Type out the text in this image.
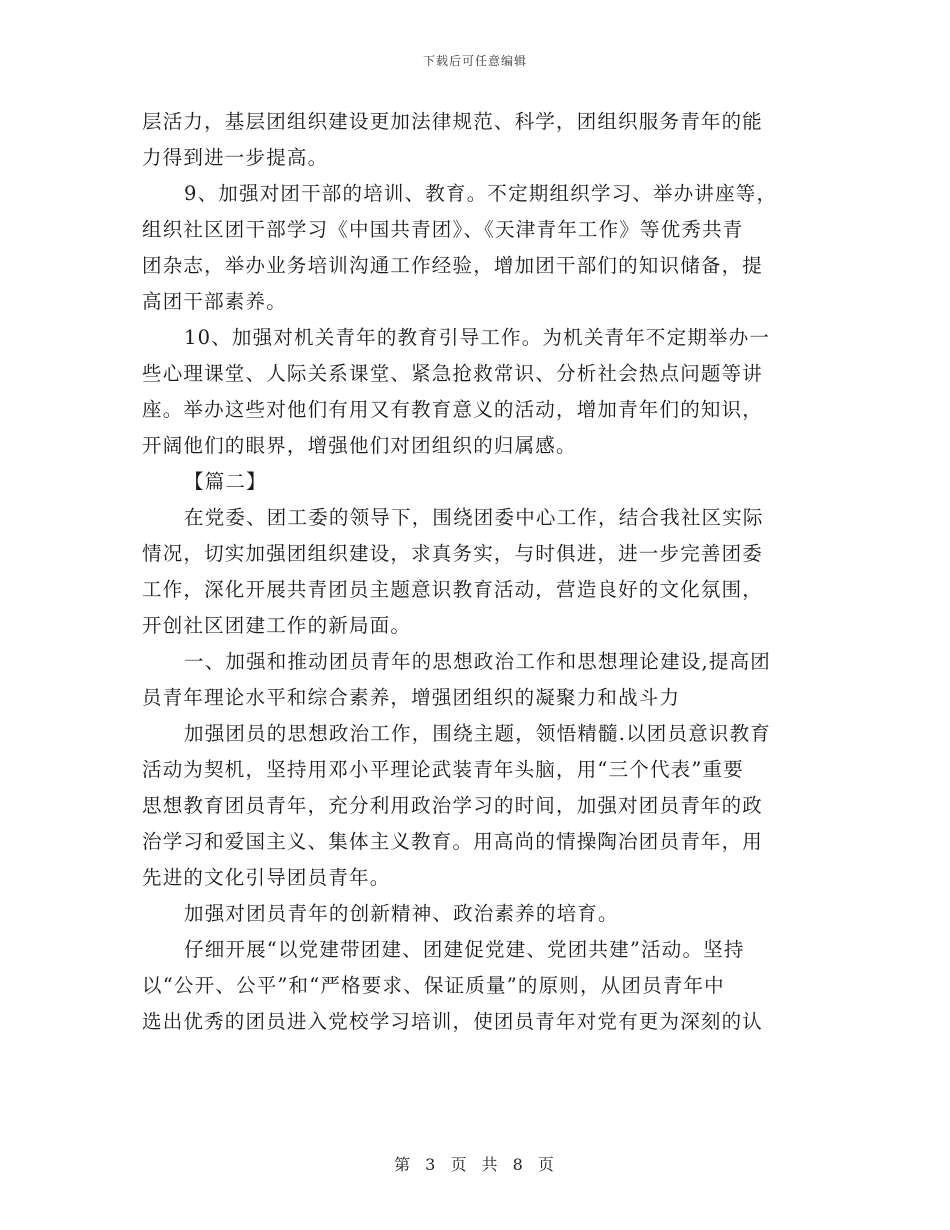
下载后可任意编辑
层活力，基层团组织建设更加法律规范、科学，团组织服务青年的能
力得到进一步提高。
9、加强对团干部的培训、教育。不定期组织学习、举办讲座等，
组织社区团干部学习《中国共青团》、《天津青年工作》等优秀共青
团杂志，举办业务培训沟通工作经验，增加团干部们的知识储备，提
高团干部素养。
10、加强对机关青年的教育引导工作。为机关青年不定期举办一
些心理课堂、人际关系课堂、紧急抢救常识、分析社会热点问题等讲
座。举办这些对他们有用又有教育意义的活动，增加青年们的知识，
开阔他们的眼界，增强他们对团组织的归属感。
【篇二】
在党委、团工委的领导下，围绕团委中心工作，结合我社区实际
情况，切实加强团组织建设，求真务实，与时俱进，进一步完善团委
工作，深化开展共青团员主题意识教育活动，营造良好的文化氛围，
开创社区团建工作的新局面。
一、加强和推动团员青年的思想政治工作和思想理论建设,提高团
员青年理论水平和综合素养，增强团组织的凝聚力和战斗力
加强团员的思想政治工作，围绕主题，领悟精髓.以团员意识教育
活动为契机，坚持用邓小平理论武装青年头脑，用“三个代表”重要
思想教育团员青年，充分利用政治学习的时间，加强对团员青年的政
治学习和爱国主义、集体主义教育。用高尚的情操陶冶团员青年，用
先进的文化引导团员青年。
加强对团员青年的创新精神、政治素养的培育。
仔细开展“以党建带团建、团建促党建、党团共建”活动。坚持
以“公开、公平”和“严格要求、保证质量”的原则，从团员青年中
选出优秀的团员进入党校学习培训，使团员青年对党有更为深刻的认
第 3 页 共 8 页
